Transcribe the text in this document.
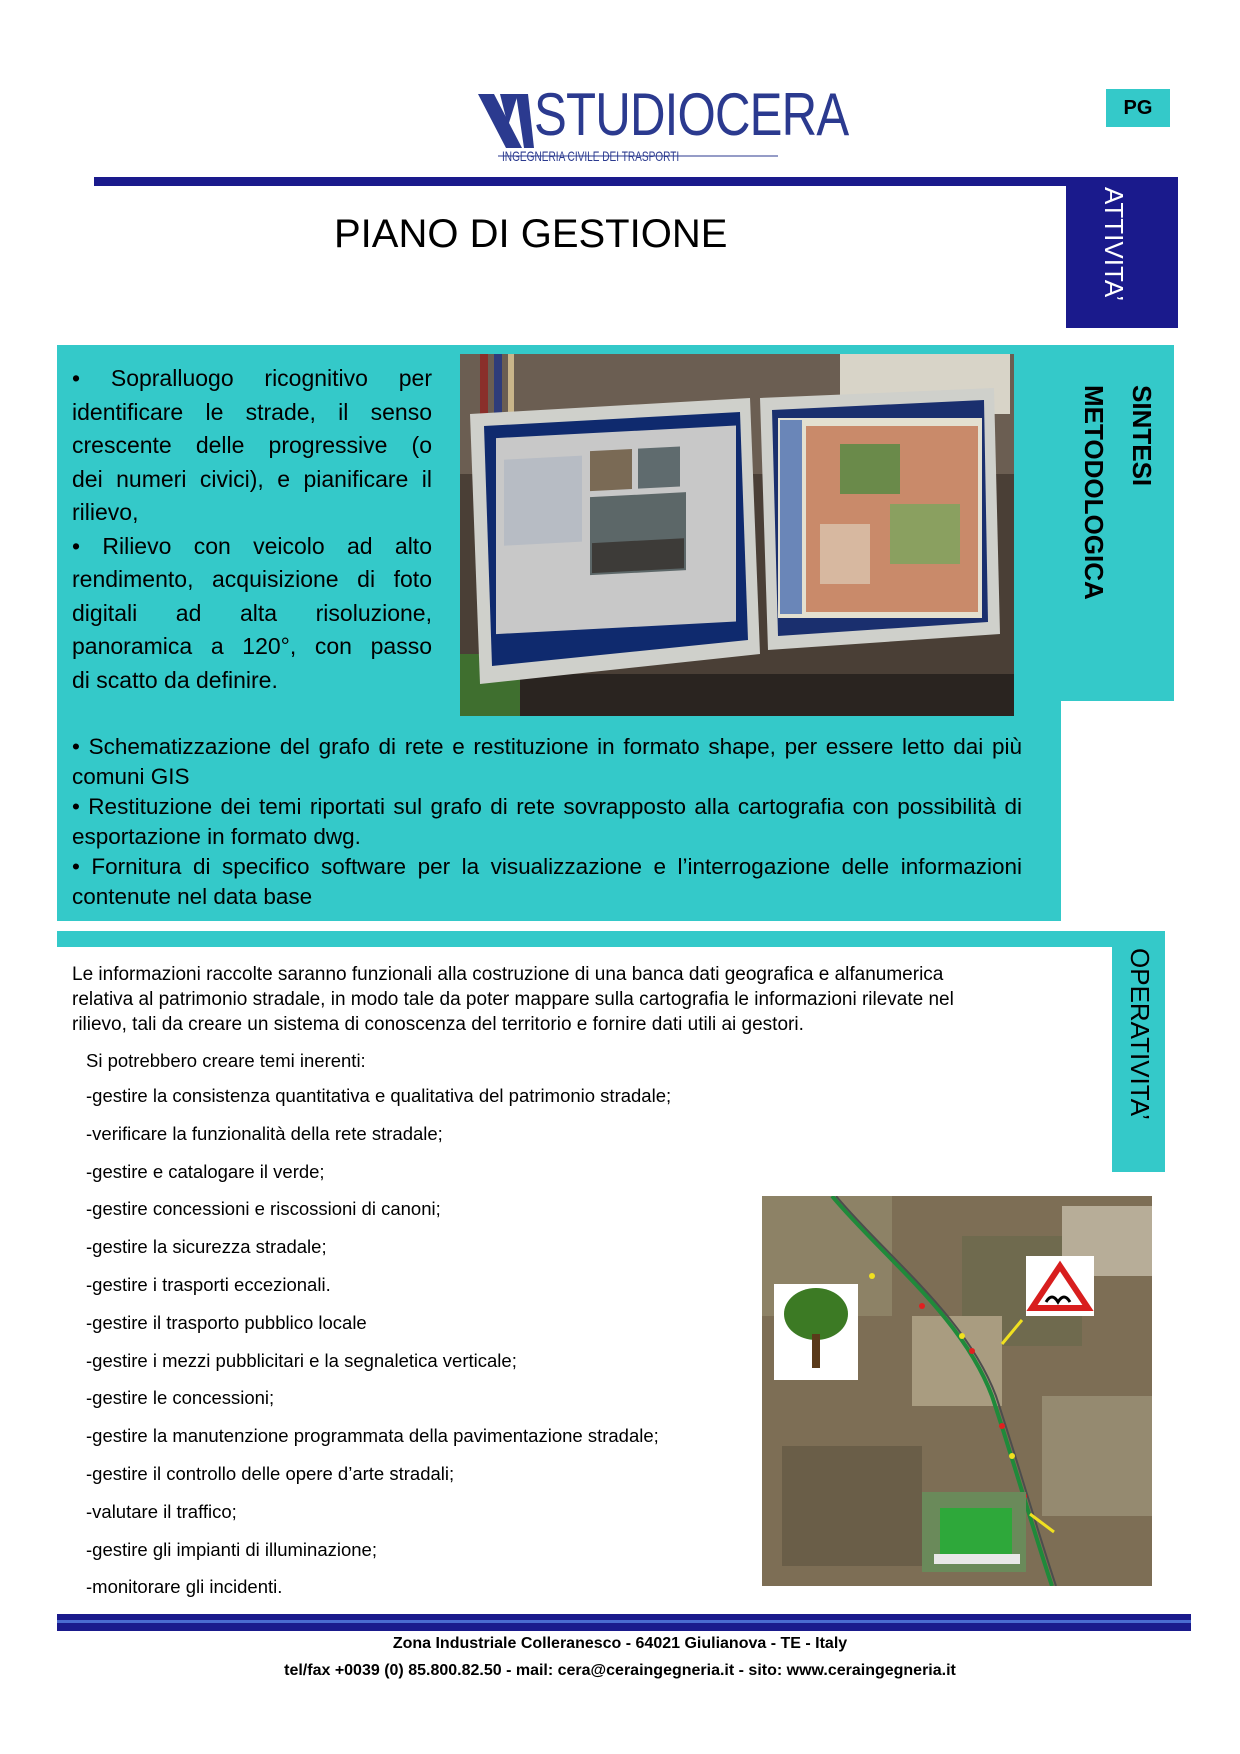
STUDIOCERA
INGEGNERIA CIVILE DEI TRASPORTI
PG
ATTIVITA’
PIANO DI GESTIONE
SINTESI
METODOLOGICA

• Sopralluogo ricognitivo per

identificare le strade, il senso

crescente delle progressive (o

dei numeri civici), e pianificare il

rilievo,

• Rilievo con veicolo ad alto

rendimento, acquisizione di foto

digitali ad alta risoluzione,

panoramica a 120°, con passo

di scatto da definire.

• Schematizzazione del grafo di rete e restituzione in formato shape, per essere letto dai più comuni GIS

• Restituzione dei temi riportati sul grafo di rete sovrapposto alla cartografia con possibilità di esportazione in formato dwg.

• Fornitura di specifico software per la visualizzazione e l’interrogazione delle informazioni contenute nel data base

OPERATIVITA’
Le informazioni raccolte saranno funzionali alla costruzione di una banca dati geografica e alfanumerica
relativa al patrimonio stradale, in modo tale da poter mappare sulla cartografia le informazioni rilevate nel
rilievo, tali da creare un sistema di conoscenza del territorio e fornire dati utili ai gestori.
Si potrebbero creare temi inerenti:
-gestire la consistenza quantitativa e qualitativa del patrimonio stradale;
-verificare la funzionalità della rete stradale;
-gestire e catalogare il verde;
-gestire concessioni e riscossioni di canoni;
-gestire la sicurezza stradale;
-gestire i trasporti eccezionali.
-gestire il trasporto pubblico locale
-gestire i mezzi pubblicitari e la segnaletica verticale;
-gestire le concessioni;
-gestire la manutenzione programmata della pavimentazione stradale;
-gestire il controllo delle opere d’arte stradali;
-valutare il traffico;
-gestire gli impianti di illuminazione;
-monitorare gli incidenti.
Zona Industriale Colleranesco - 64021 Giulianova - TE - Italy
tel/fax +0039 (0) 85.800.82.50 - mail: cera@ceraingegneria.it - sito: www.ceraingegneria.it
